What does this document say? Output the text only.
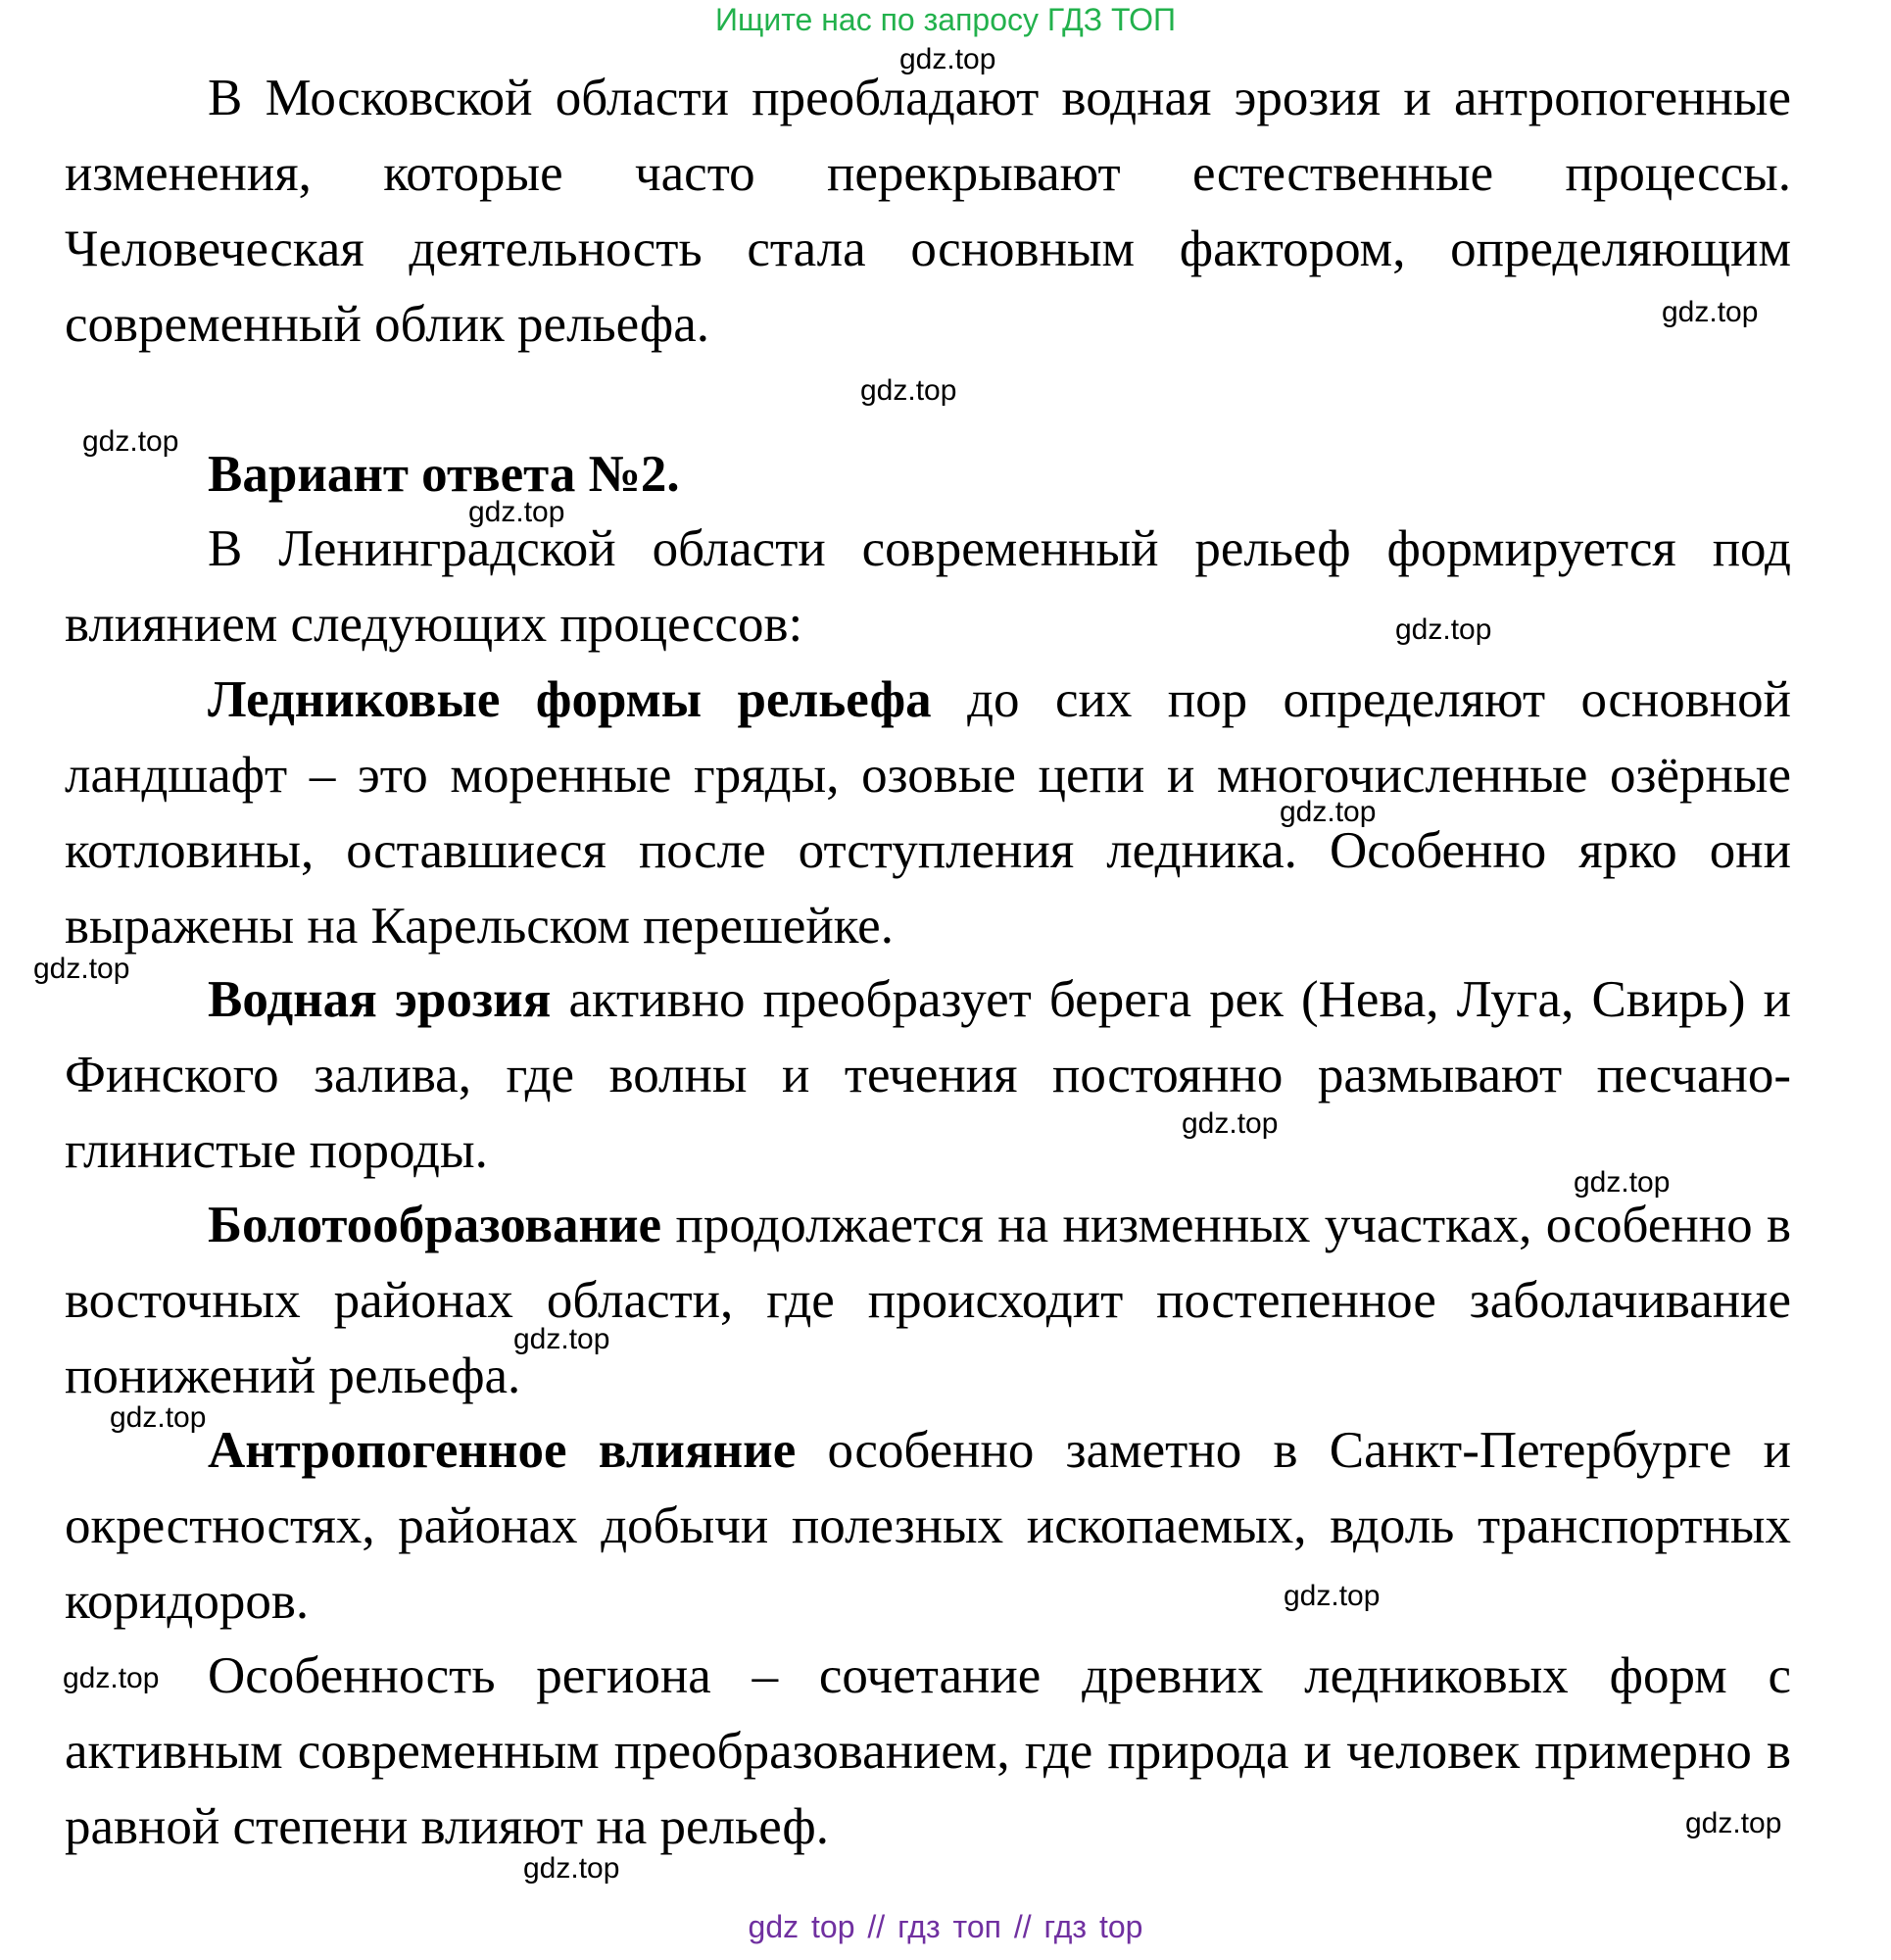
Ищите нас по запросу ГДЗ ТОП
gdz.top
gdz.top
gdz.top
gdz.top
gdz.top
gdz.top
gdz.top
gdz.top
gdz.top
gdz.top
gdz.top
gdz.top
gdz.top
gdz.top
gdz.top
gdz.top

В Московской области преобладают водная эрозия и антропогенные изменения, которые часто перекрывают естественные процессы. Человеческая деятельность стала основным фактором, определяющим современный облик рельефа.

Вариант ответа №2.

В Ленинградской области современный рельеф формируется под влиянием следующих процессов:

Ледниковые формы рельефа до сих пор определяют основной ландшафт – это моренные гряды, озовые цепи и многочисленные озёрные котловины, оставшиеся после отступления ледника. Особенно ярко они выражены на Карельском перешейке.

Водная эрозия активно преобразует берега рек (Нева, Луга, Свирь) и Финского залива, где волны и течения постоянно размывают песчано-глинистые породы.

Болотообразование продолжается на низменных участках, особенно в восточных районах области, где происходит постепенное заболачивание понижений рельефа.

Антропогенное влияние особенно заметно в Санкт-Петербурге и окрестностях, районах добычи полезных ископаемых, вдоль транспортных коридоров.

Особенность региона – сочетание древних ледниковых форм с активным современным преобразованием, где природа и человек примерно в равной степени влияют на рельеф.

gdz top // гдз топ // гдз top
